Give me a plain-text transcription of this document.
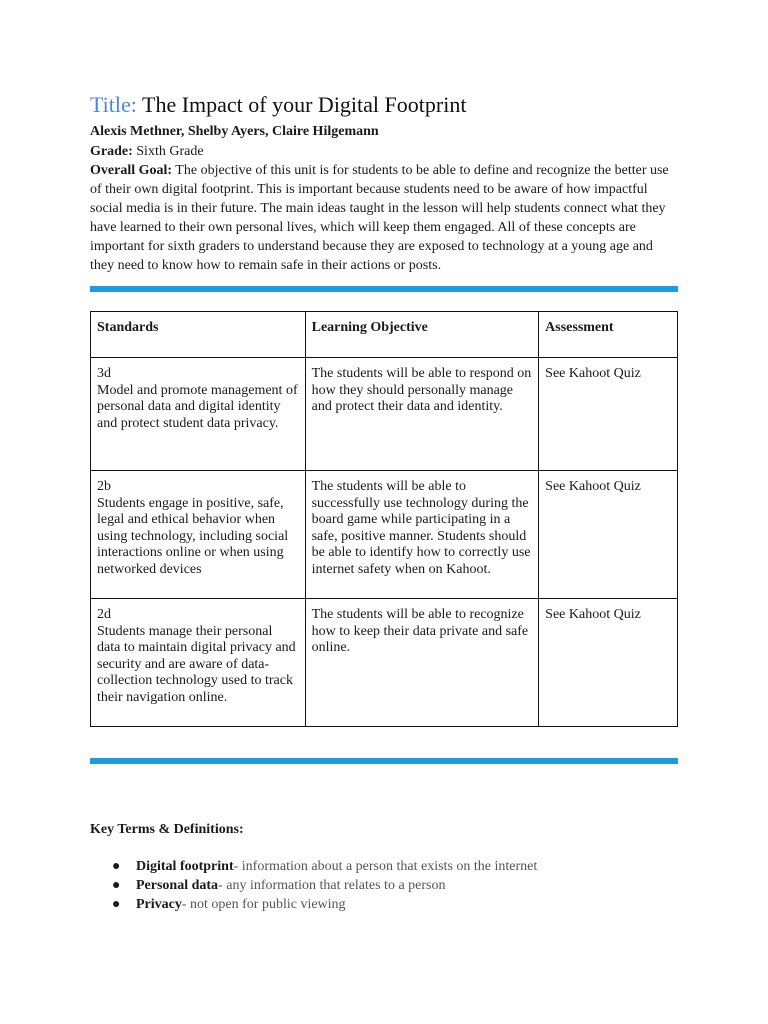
Title: The Impact of your Digital Footprint

Alexis Methner, Shelby Ayers, Claire Hilgemann

Grade: Sixth Grade

Overall Goal: The objective of this unit is for students to be able to define and recognize the better use of their own digital footprint. This is important because students need to be aware of how impactful social media is in their future. The main ideas taught in the lesson will help students connect what they have learned to their own personal lives, which will keep them engaged. All of these concepts are important for sixth graders to understand because they are exposed to technology at a young age and they need to know how to remain safe in their actions or posts.

Standards	Learning Objective	Assessment

3d
Model and promote management of personal data and digital identity and protect student data privacy.	The students will be able to respond on how they should personally manage and protect their data and identity.	See Kahoot Quiz

2b
Students engage in positive, safe, legal and ethical behavior when using technology, including social interactions online or when using networked devices	The students will be able to successfully use technology during the board game while participating in a safe, positive manner. Students should be able to identify how to correctly use internet safety when on Kahoot.	See Kahoot Quiz

2d
Students manage their personal data to maintain digital privacy and security and are aware of data-collection technology used to track their navigation online.	The students will be able to recognize how to keep their data private and safe online.	See Kahoot Quiz

Key Terms & Definitions:

● Digital footprint- information about a person that exists on the internet
● Personal data- any information that relates to a person
● Privacy- not open for public viewing
